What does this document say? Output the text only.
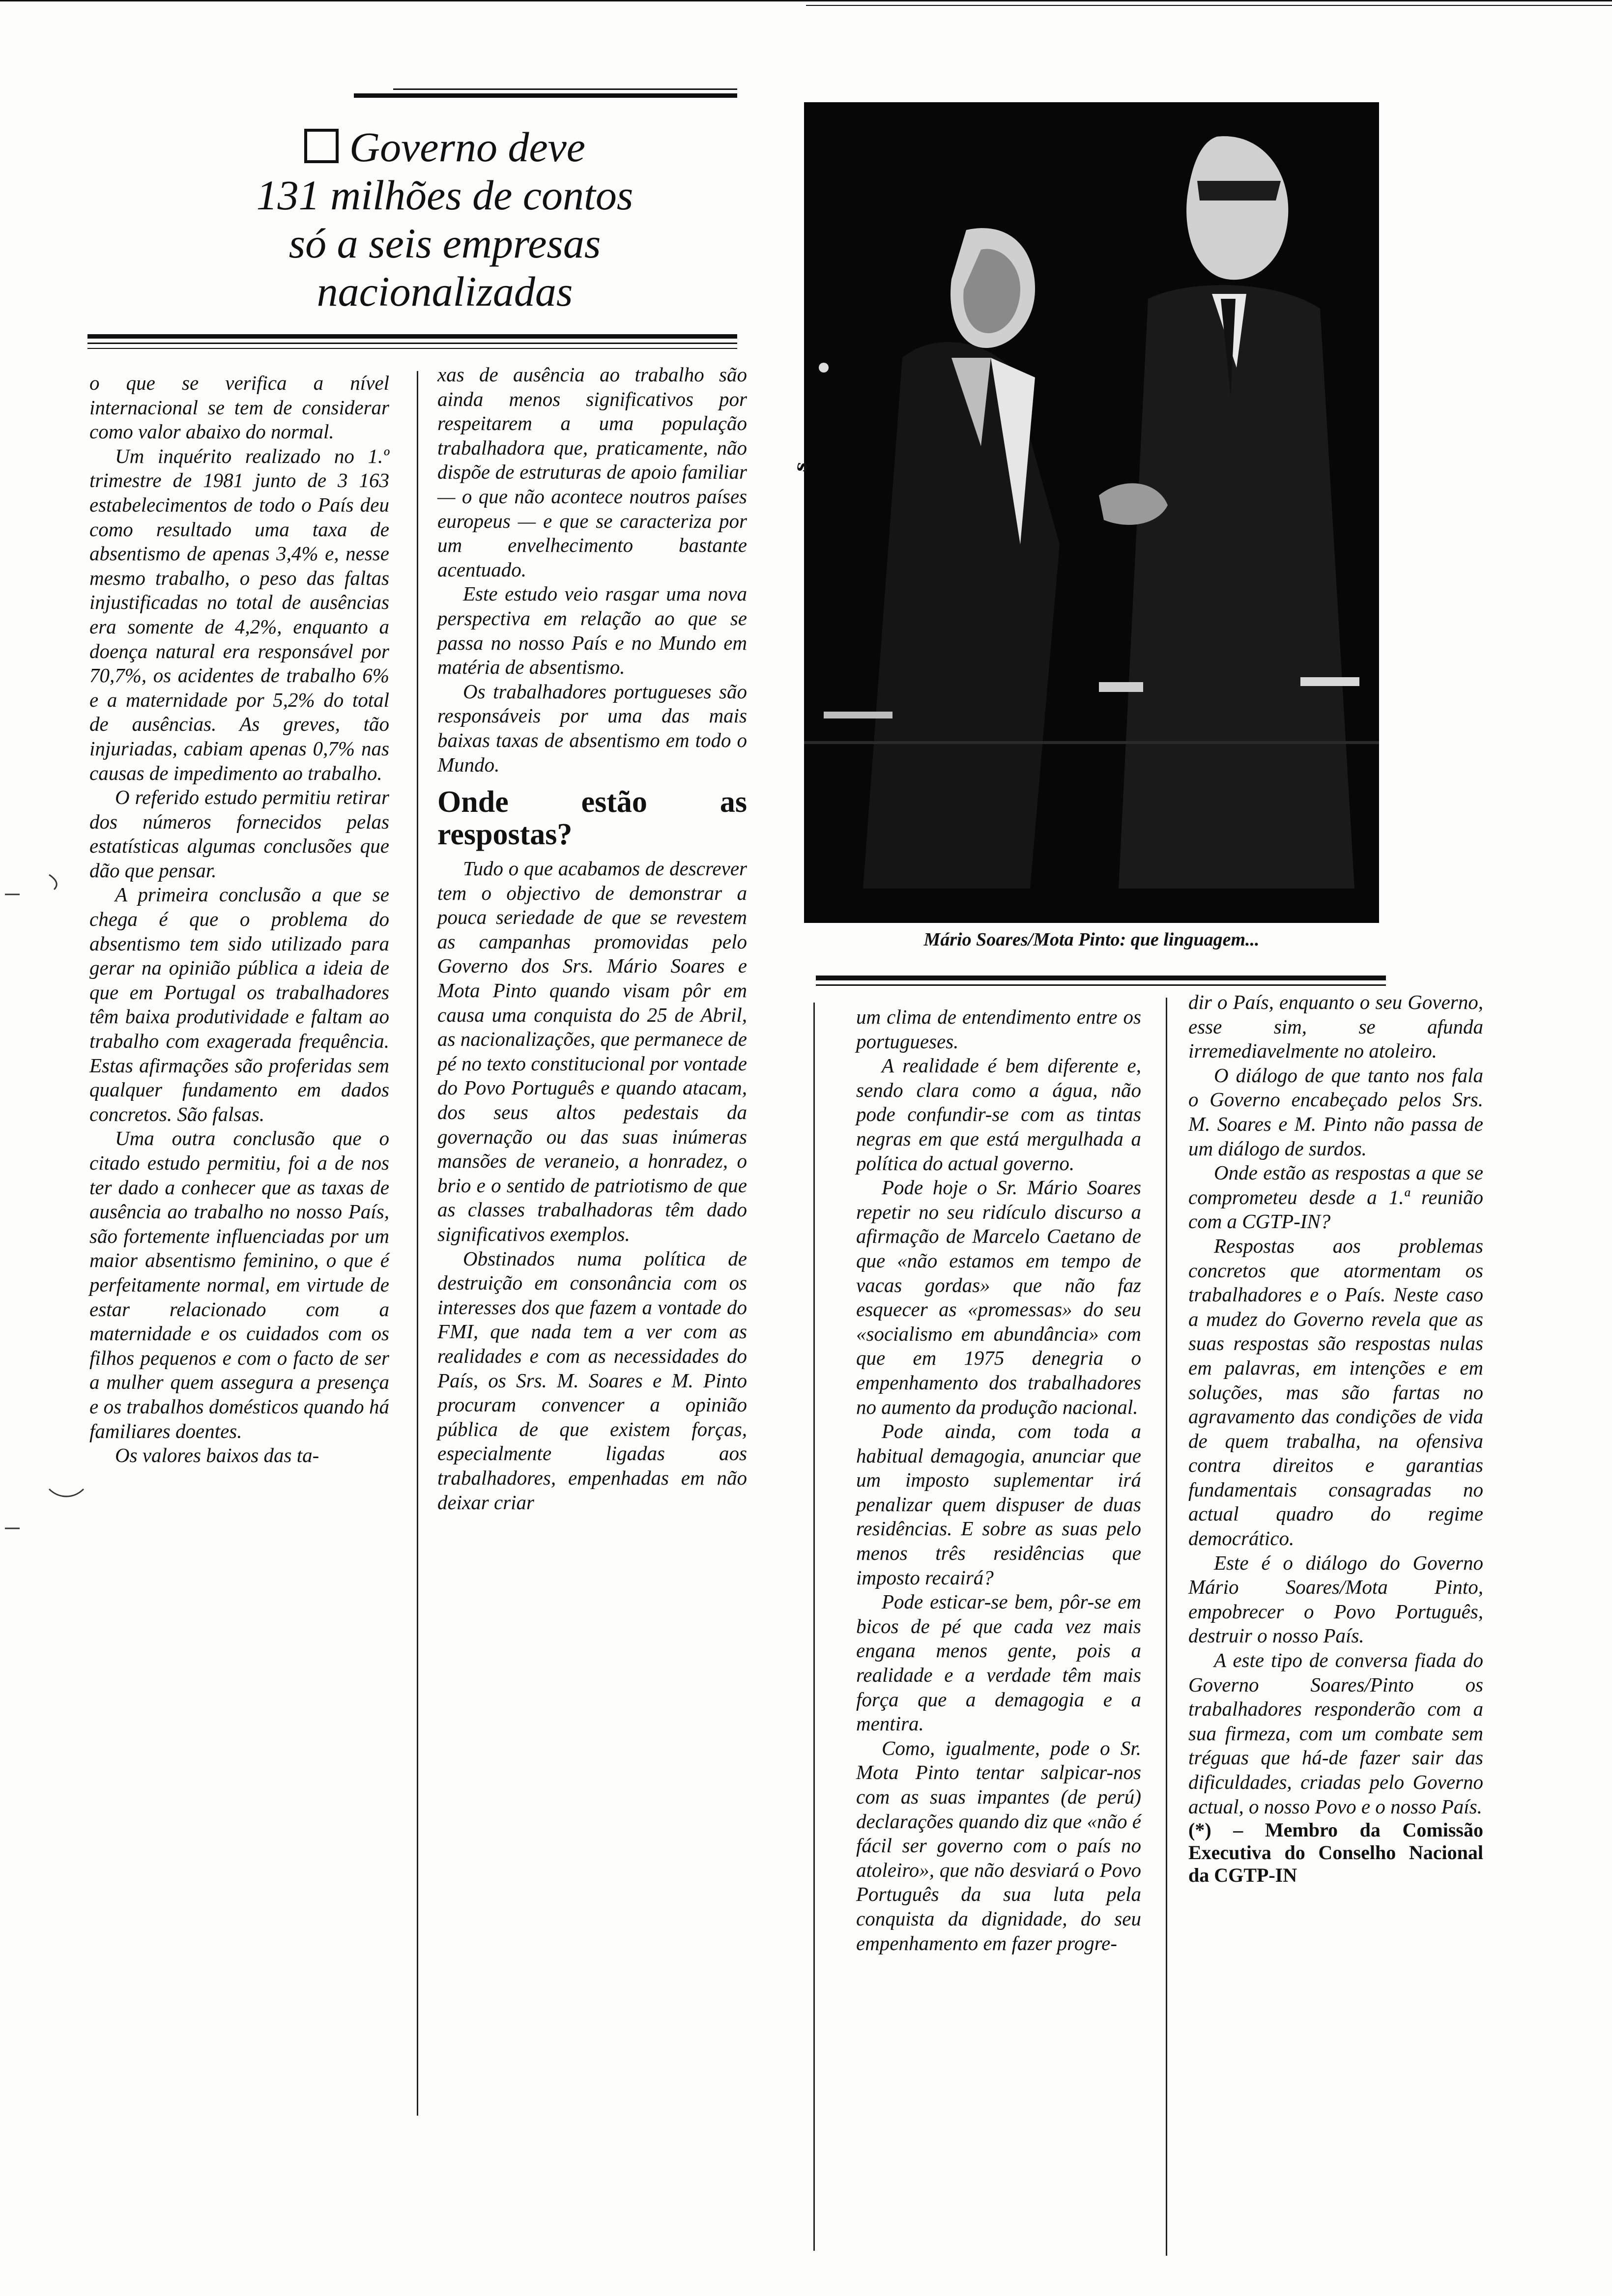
Governo deve
131 milhões de contos
só a seis empresas
nacionalizadas

o que se verifica a nível internacional se tem de considerar como valor abaixo do normal.

Um inquérito realizado no 1.º trimestre de 1981 junto de 3 163 estabelecimentos de todo o País deu como resultado uma taxa de absentismo de apenas 3,4% e, nesse mesmo trabalho, o peso das faltas injustificadas no total de ausências era somente de 4,2%, enquanto a doença natural era responsável por 70,7%, os acidentes de trabalho 6% e a maternidade por 5,2% do total de ausências. As greves, tão injuriadas, cabiam apenas 0,7% nas causas de impedimento ao trabalho.

O referido estudo permitiu retirar dos números fornecidos pelas estatísticas algumas conclusões que dão que pensar.

A primeira conclusão a que se chega é que o problema do absentismo tem sido utilizado para gerar na opinião pública a ideia de que em Portugal os trabalhadores têm baixa produtividade e faltam ao trabalho com exagerada frequência. Estas afirmações são proferidas sem qualquer fundamento em dados concretos. São falsas.

Uma outra conclusão que o citado estudo permitiu, foi a de nos ter dado a conhecer que as taxas de ausência ao trabalho no nosso País, são fortemente influenciadas por um maior absentismo feminino, o que é perfeitamente normal, em virtude de estar relacionado com a maternidade e os cuidados com os filhos pequenos e com o facto de ser a mulher quem assegura a presença e os trabalhos domésticos quando há familiares doentes.

Os valores baixos das ta-

xas de ausência ao trabalho são ainda menos significativos por respeitarem a uma população trabalhadora que, praticamente, não dispõe de estruturas de apoio familiar — o que não acontece noutros países europeus — e que se caracteriza por um envelhecimento bastante acentuado.

Este estudo veio rasgar uma nova perspectiva em relação ao que se passa no nosso País e no Mundo em matéria de absentismo.

Os trabalhadores portugueses são responsáveis por uma das mais baixas taxas de absentismo em todo o Mundo.

Onde estão as respostas?

Tudo o que acabamos de descrever tem o objectivo de demonstrar a pouca seriedade de que se revestem as campanhas promovidas pelo Governo dos Srs. Mário Soares e Mota Pinto quando visam pôr em causa uma conquista do 25 de Abril, as nacionalizações, que permanece de pé no texto constitucional por vontade do Povo Português e quando atacam, dos seus altos pedestais da governação ou das suas inúmeras mansões de veraneio, a honradez, o brio e o sentido de patriotismo de que as classes trabalhadoras têm dado significativos exemplos.

Obstinados numa política de destruição em consonância com os interesses dos que fazem a vontade do FMI, que nada tem a ver com as realidades e com as necessidades do País, os Srs. M. Soares e M. Pinto procuram convencer a opinião pública de que existem forças, especialmente ligadas aos trabalhadores, empenhadas em não deixar criar

s
Mário Soares/Mota Pinto: que linguagem...

um clima de entendimento entre os portugueses.

A realidade é bem diferente e, sendo clara como a água, não pode confundir-se com as tintas negras em que está mergulhada a política do actual governo.

Pode hoje o Sr. Mário Soares repetir no seu ridículo discurso a afirmação de Marcelo Caetano de que «não estamos em tempo de vacas gordas» que não faz esquecer as «promessas» do seu «socialismo em abundância» com que em 1975 denegria o empenhamento dos trabalhadores no aumento da produção nacional.

Pode ainda, com toda a habitual demagogia, anunciar que um imposto suplementar irá penalizar quem dispuser de duas residências. E sobre as suas pelo menos três residências que imposto recairá?

Pode esticar-se bem, pôr-se em bicos de pé que cada vez mais engana menos gente, pois a realidade e a verdade têm mais força que a demagogia e a mentira.

Como, igualmente, pode o Sr. Mota Pinto tentar salpicar-nos com as suas impantes (de perú) declarações quando diz que «não é fácil ser governo com o país no atoleiro», que não desviará o Povo Português da sua luta pela conquista da dignidade, do seu empenhamento em fazer progre-

dir o País, enquanto o seu Governo, esse sim, se afunda irremediavelmente no atoleiro.

O diálogo de que tanto nos fala o Governo encabeçado pelos Srs. M. Soares e M. Pinto não passa de um diálogo de surdos.

Onde estão as respostas a que se comprometeu desde a 1.ª reunião com a CGTP-IN?

Respostas aos problemas concretos que atormentam os trabalhadores e o País. Neste caso a mudez do Governo revela que as suas respostas são respostas nulas em palavras, em intenções e em soluções, mas são fartas no agravamento das condições de vida de quem trabalha, na ofensiva contra direitos e garantias fundamentais consagradas no actual quadro do regime democrático.

Este é o diálogo do Governo Mário Soares/Mota Pinto, empobrecer o Povo Português, destruir o nosso País.

A este tipo de conversa fiada do Governo Soares/Pinto os trabalhadores responderão com a sua firmeza, com um combate sem tréguas que há-de fazer sair das dificuldades, criadas pelo Governo actual, o nosso Povo e o nosso País.

(*) – Membro da Comissão Executiva do Conselho Nacional da CGTP-IN
